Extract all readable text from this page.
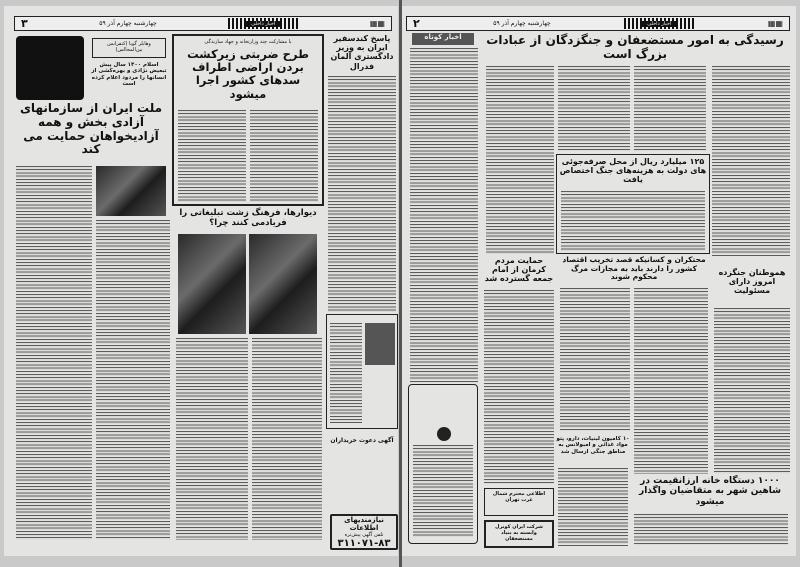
۳	چهارشنبه چهارم آذر ۵۹	اخبار داخلی	▦▦
وهابلر گوبا (کنفرانس بین‌المجالس)
اسلام ۱۴۰۰ سال پیش تبعیض نژادی و بهره‌کشی از انسانها را مردود اعلام کرده است
ملت ایران از سازمانهای آزادی بخش و همه آزادیخواهان حمایت می کند
با مشارکت چند وزارتخانه و جهاد سازندگی
طرح ضربتی زیرکشت بردن اراضی اطراف سدهای کشور اجرا میشود
دیوارها، فرهنگ زشت تبلیغاتی را فریادمی کنند چرا؟
پاسخ کندسفیر ایران به وزیر دادگستری آلمان فدرال
آگهی دعوت خریداران
نیازمندیهای اطلاعات
تلفن آگهی پیش‌تره
۳۱۱۰۷۱-۸۳
۲	چهارشنبه چهارم آذر ۵۹	اخبار داخلی	▦▦
اخبار کوتاه	رسیدگی به امور مستضعفان و جنگزدگان از عبادات بزرگ است
۱۲۵ میلیارد ریال از محل صرفه‌جوئی های دولت به هزینه‌های جنگ اختصاص یافت
حمایت مردم کرمان از امام جمعه گسترده شد
محتکران و کسانیکه قصد تخریب اقتصاد کشور را دارند باید به مجازات مرگ محکوم شوند	هموطنان جنگزده امروز دارای مسئولیت
۱۰ کامیون لبنیات، دارو، پتو مواد غذائی و امبولانس به مناطق جنگی ارسال شد
۱۰۰۰ دستگاه خانه ارزانقیمت در شاهین شهر به متقاضیان واگذار میشود
اطلاعی محترم شمال غرب تهران
شرکت ایران کونرل وابسته به بنیاد مستضعفان
